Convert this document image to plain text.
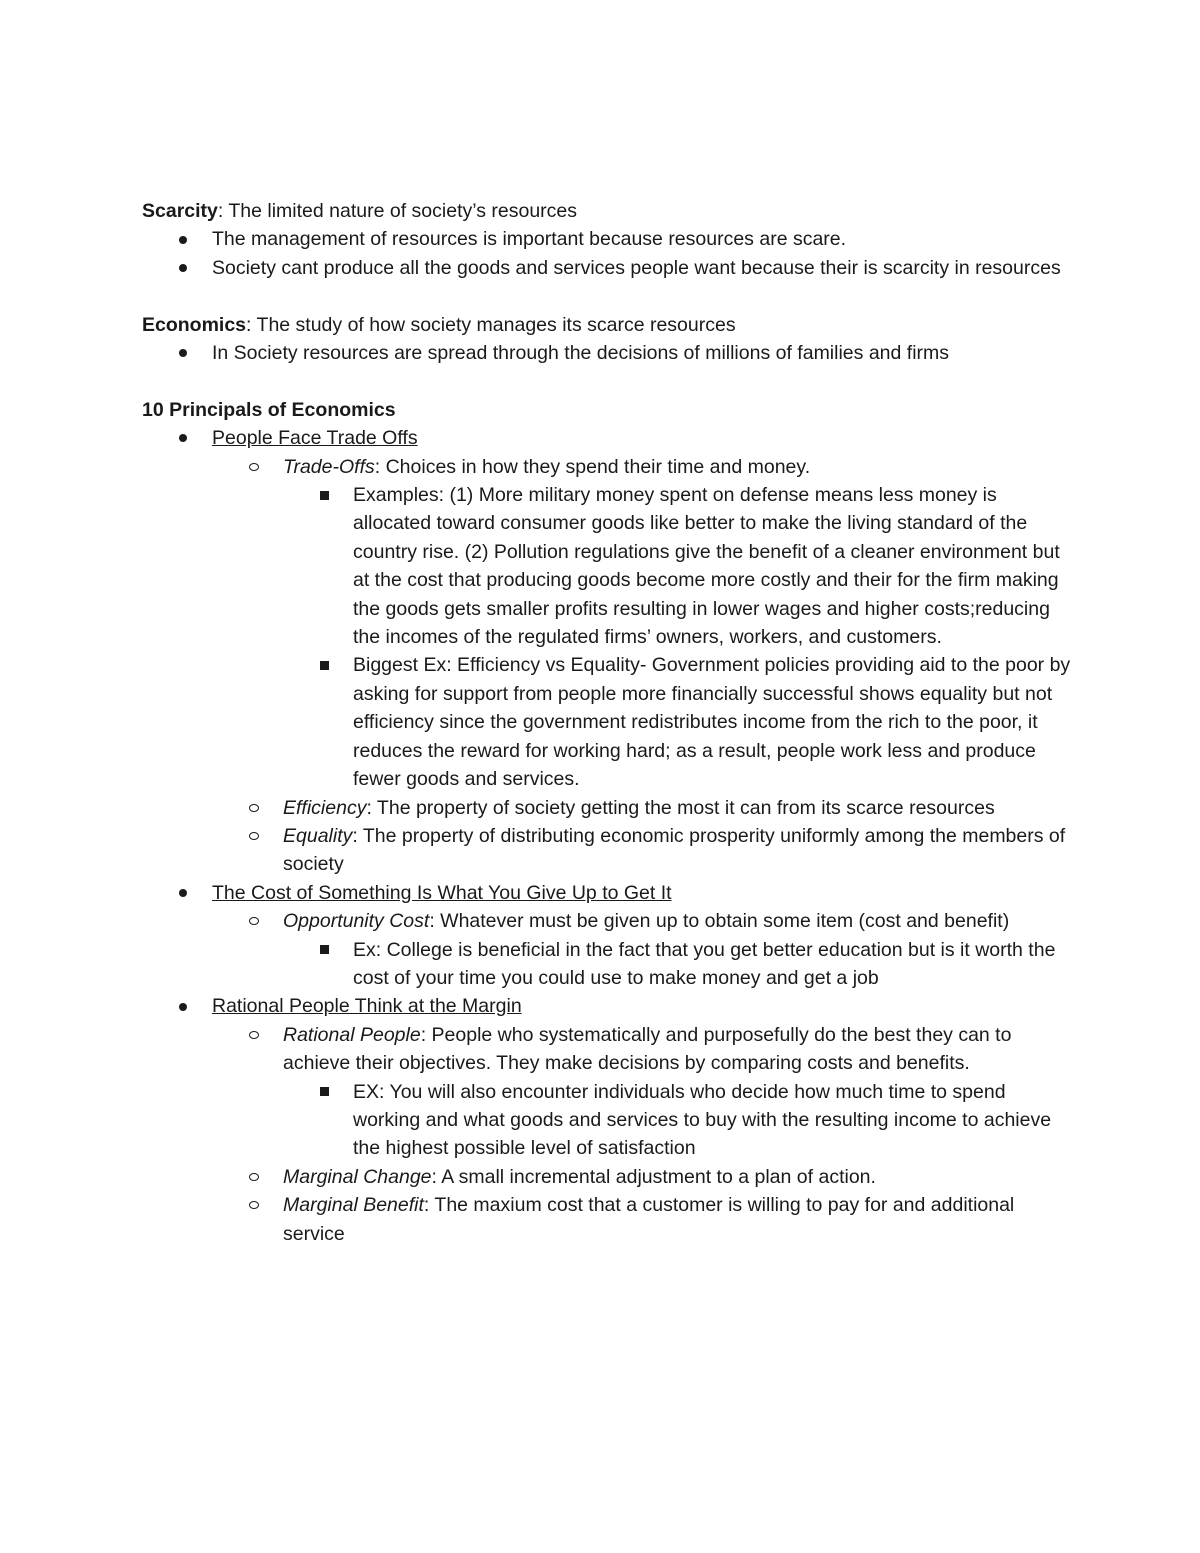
Scarcity: The limited nature of society’s resources

The management of resources is important because resources are scare.
Society cant produce all the goods and services people want because their is scarcity in resources

Economics: The study of how society manages its scarce resources

In Society resources are spread through the decisions of millions of families and firms

10 Principals of Economics

People Face Trade Offs
Trade-Offs: Choices in how they spend their time and money.
Examples: (1) More military money spent on defense means less money is allocated toward consumer goods like better to make the living standard of the country rise. (2) Pollution regulations give the benefit of a cleaner environment but at the cost that producing goods become more costly and their for the firm making the goods gets smaller profits resulting in lower wages and higher costs;reducing the incomes of the regulated firms’ owners, workers, and customers.
Biggest Ex: Efficiency vs Equality- Government policies providing aid to the poor by asking for support from people more financially successful shows equality but not efficiency since the government redistributes income from the rich to the poor, it reduces the reward for working hard; as a result, people work less and produce fewer goods and services.
Efficiency: The property of society getting the most it can from its scarce resources
Equality: The property of distributing economic prosperity uniformly among the members of society
The Cost of Something Is What You Give Up to Get It
Opportunity Cost: Whatever must be given up to obtain some item (cost and benefit)
Ex: College is beneficial in the fact that you get better education but is it worth the cost of your time you could use to make money and get a job
Rational People Think at the Margin
Rational People: People who systematically and purposefully do the best they can to achieve their objectives. They make decisions by comparing costs and benefits.
EX: You will also encounter individuals who decide how much time to spend working and what goods and services to buy with the resulting income to achieve the highest possible level of satisfaction
Marginal Change: A small incremental adjustment to a plan of action.
Marginal Benefit: The maxium cost that a customer is willing to pay for and additional service
